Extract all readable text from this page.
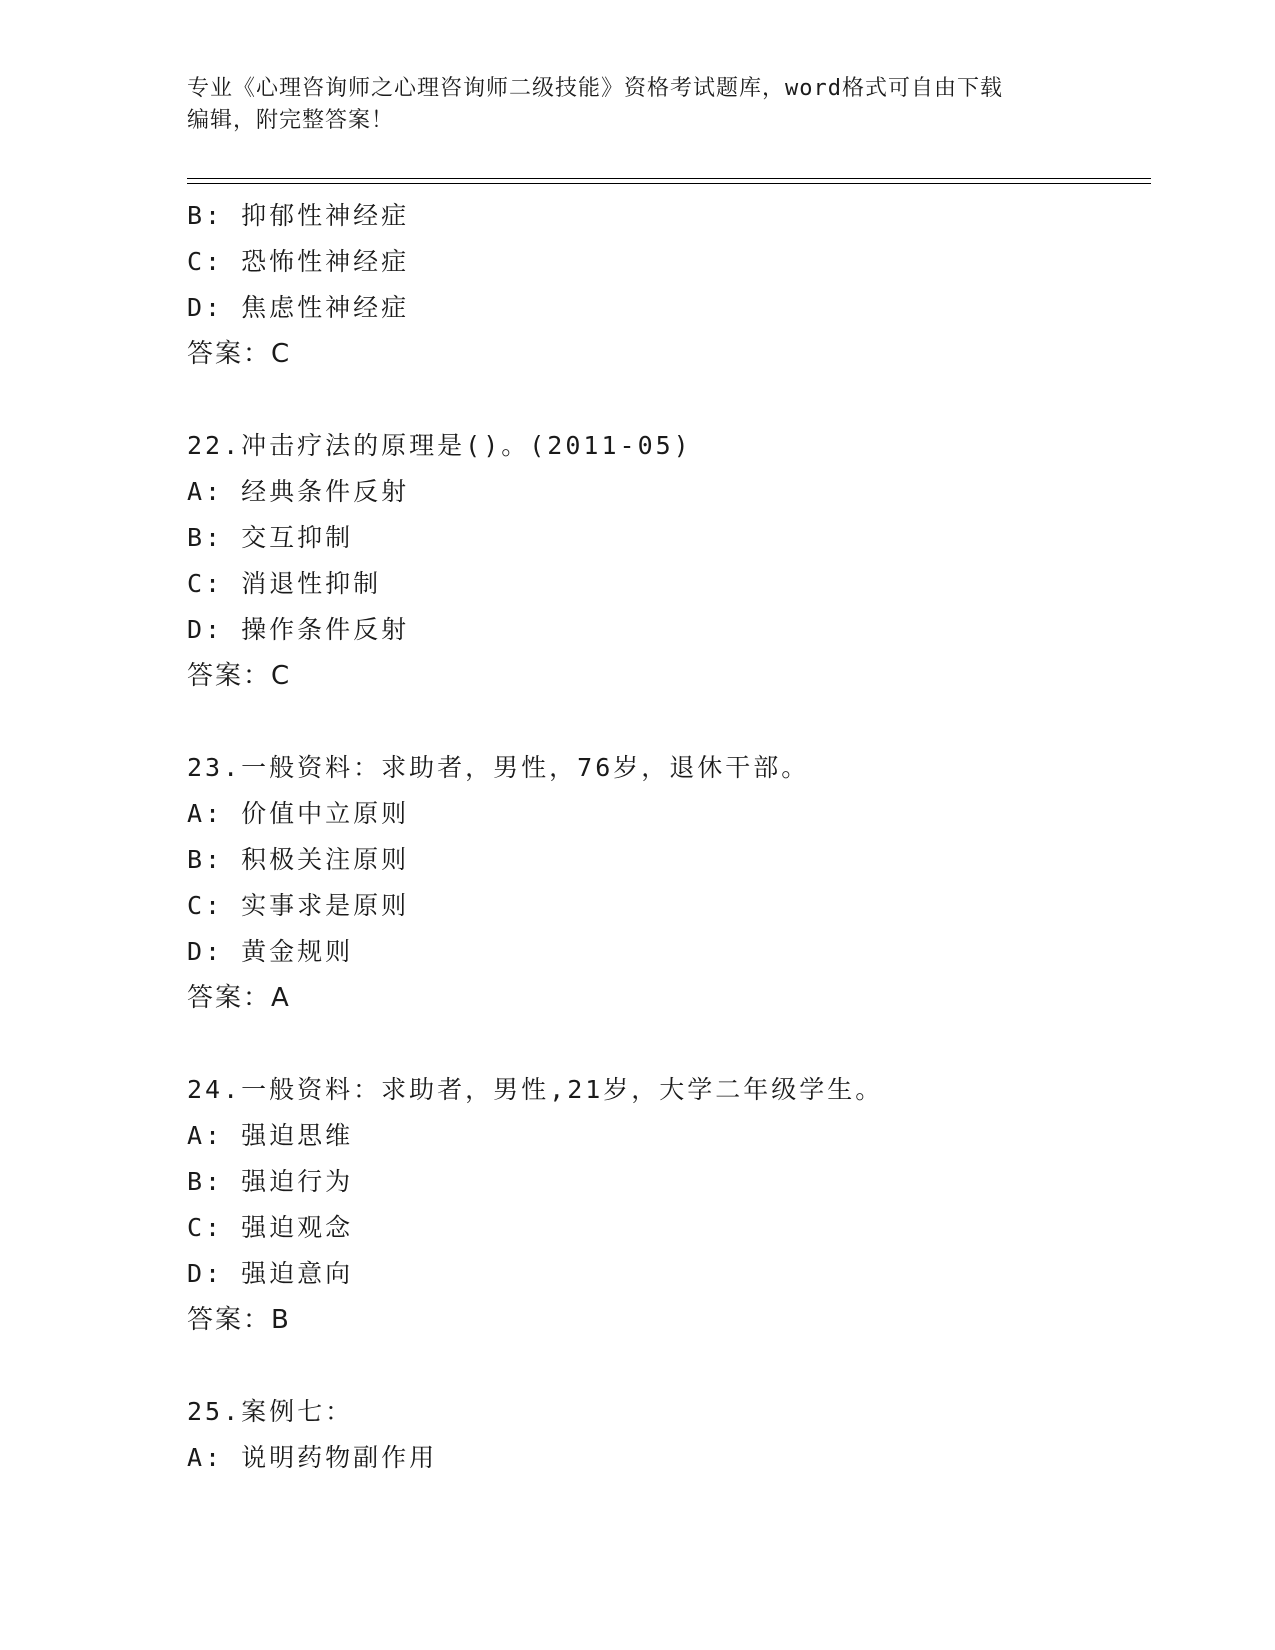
专业《心理咨询师之心理咨询师二级技能》资格考试题库，word格式可自由下载
编辑，附完整答案！
B: 抑郁性神经症
C: 恐怖性神经症
D: 焦虑性神经症
答案：C
22.冲击疗法的原理是()。(2011-05)
A: 经典条件反射
B: 交互抑制
C: 消退性抑制
D: 操作条件反射
答案：C
23.一般资料：求助者，男性，76岁，退休干部。
A: 价值中立原则
B: 积极关注原则
C: 实事求是原则
D: 黄金规则
答案：A
24.一般资料：求助者，男性,21岁，大学二年级学生。
A: 强迫思维
B: 强迫行为
C: 强迫观念
D: 强迫意向
答案：B
25.案例七：
A: 说明药物副作用
